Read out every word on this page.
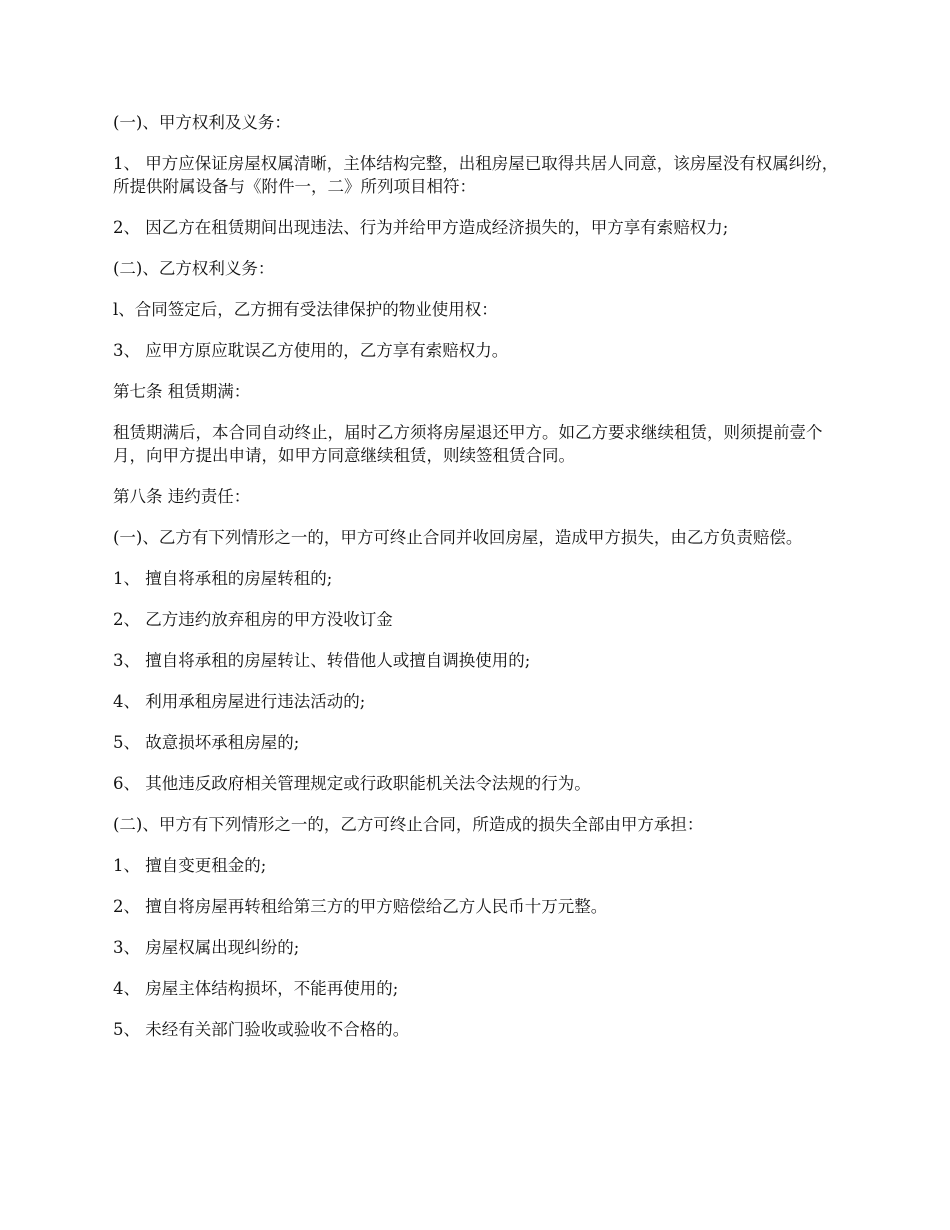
(一)、甲方权利及义务：

1、 甲方应保证房屋权属清晰，主体结构完整，出租房屋已取得共居人同意，该房屋没有权属纠纷，所提供附属设备与《附件一，二》所列项目相符：

2、 因乙方在租赁期间出现违法、行为并给甲方造成经济损失的，甲方享有索赔权力;

(二)、乙方权利义务：

l、合同签定后，乙方拥有受法律保护的物业使用权：

3、 应甲方原应耽误乙方使用的，乙方享有索赔权力。

第七条 租赁期满：

租赁期满后，本合同自动终止，届时乙方须将房屋退还甲方。如乙方要求继续租赁，则须提前壹个月，向甲方提出申请，如甲方同意继续租赁，则续签租赁合同。

第八条 违约责任：

(一)、乙方有下列情形之一的，甲方可终止合同并收回房屋，造成甲方损失，由乙方负责赔偿。

1、 擅自将承租的房屋转租的;

2、 乙方违约放弃租房的甲方没收订金

3、 擅自将承租的房屋转让、转借他人或擅自调换使用的;

4、 利用承租房屋进行违法活动的;

5、 故意损坏承租房屋的;

6、 其他违反政府相关管理规定或行政职能机关法令法规的行为。

(二)、甲方有下列情形之一的，乙方可终止合同，所造成的损失全部由甲方承担：

1、 擅自变更租金的;

2、 擅自将房屋再转租给第三方的甲方赔偿给乙方人民币十万元整。

3、 房屋权属出现纠纷的;

4、 房屋主体结构损坏，不能再使用的;

5、 未经有关部门验收或验收不合格的。
